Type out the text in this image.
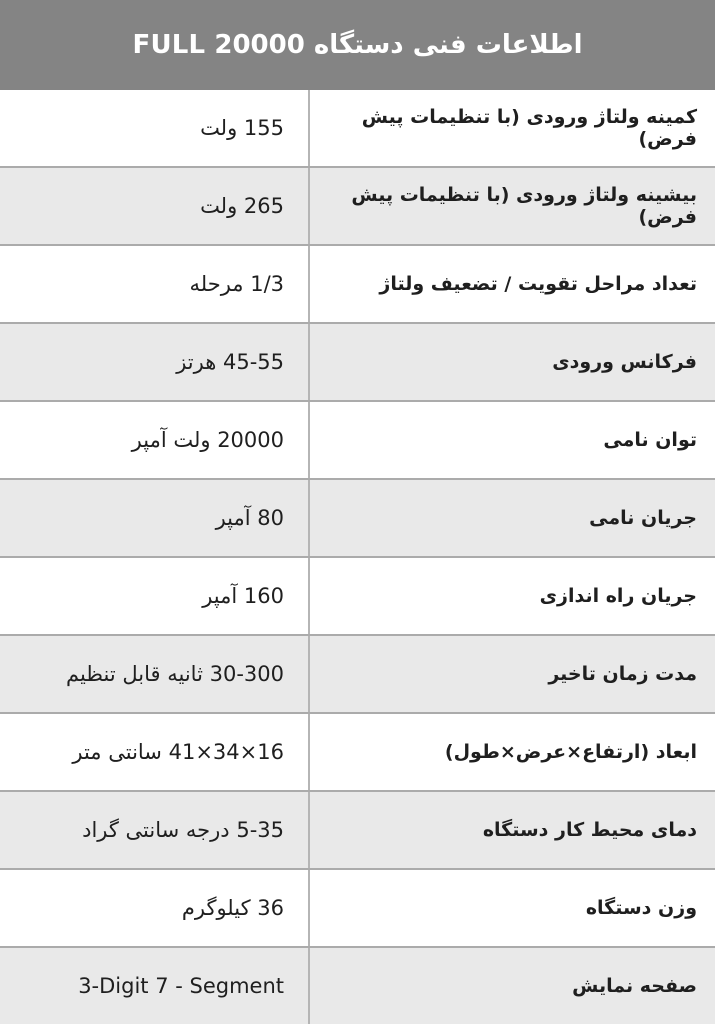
اطلاعات فنی دستگاه 20000 FULL
155 ولت	کمینه ولتاژ ورودی (با تنظیمات پیش فرض)
265 ولت	بیشینه ولتاژ ورودی (با تنظیمات پیش فرض)
1/3 مرحله	تعداد مراحل تقویت / تضعیف ولتاژ
45-55 هرتز	فرکانس ورودی
20000 ولت آمپر	توان نامی
80 آمپر	جریان نامی
160 آمپر	جریان راه اندازی
30-300 ثانیه قابل تنظیم	مدت زمان تاخیر
16×34×41 سانتی متر	ابعاد (ارتفاع×عرض×طول)
5-35 درجه سانتی گراد	دمای محیط کار دستگاه
36 کیلوگرم	وزن دستگاه
3-Digit 7 - Segment	صفحه نمایش
